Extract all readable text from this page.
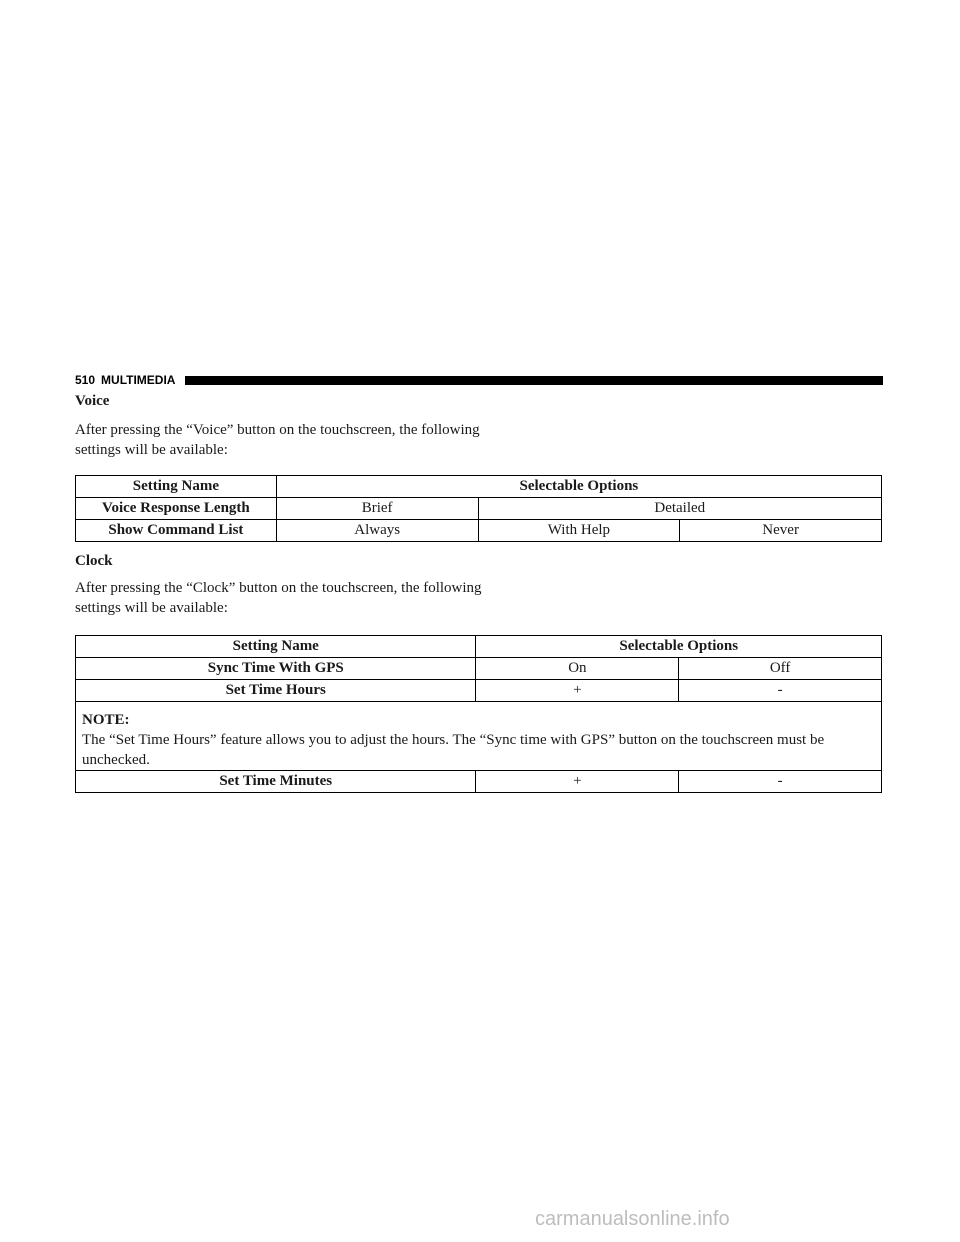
510 MULTIMEDIA
Voice
After pressing the “Voice” button on the touchscreen, the following settings will be available:
Setting Name	Selectable Options		
Voice Response Length	Brief	Detailed	
Show Command List	Always	With Help	Never
Clock
After pressing the “Clock” button on the touchscreen, the following settings will be available:
Setting Name	Selectable Options	
Sync Time With GPS	On	Off
Set Time Hours	+	-

NOTE:
The “Set Time Hours” feature allows you to adjust the hours. The “Sync time with GPS” button on the touchscreen must be unchecked.		
Set Time Minutes	+	-
carmanualsonline.info
